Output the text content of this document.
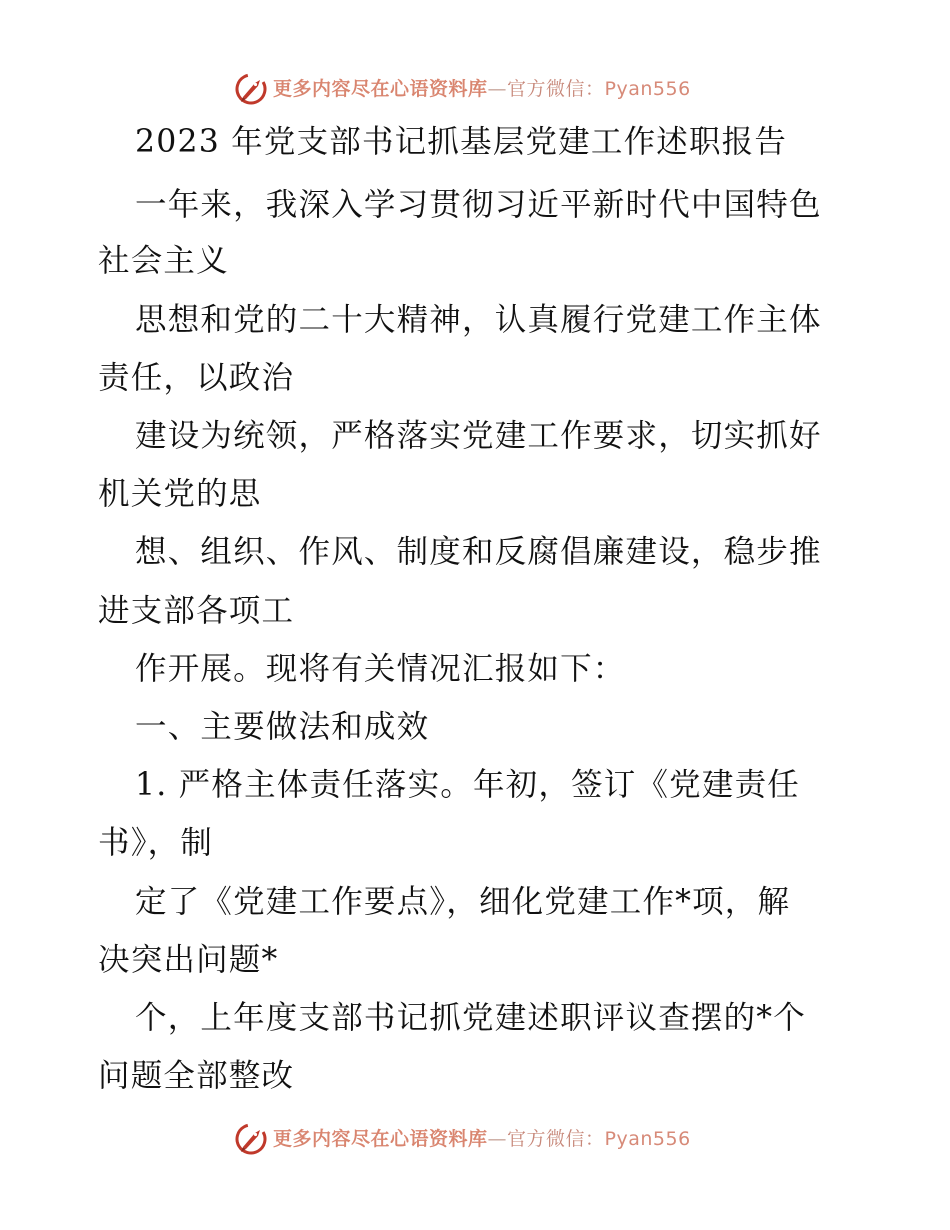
更多内容尽在心语资料库—官方微信：Pyan556
2023 年党支部书记抓基层党建工作述职报告
一年来，我深入学习贯彻习近平新时代中国特色
社会主义
思想和党的二十大精神，认真履行党建工作主体
责任，以政治
建设为统领，严格落实党建工作要求，切实抓好
机关党的思
想、组织、作风、制度和反腐倡廉建设，稳步推
进支部各项工
作开展。现将有关情况汇报如下：
一、主要做法和成效
1. 严格主体责任落实。年初，签订《党建责任
书》，制
定了《党建工作要点》，细化党建工作*项，解
决突出问题*
个，上年度支部书记抓党建述职评议查摆的*个
问题全部整改
更多内容尽在心语资料库—官方微信：Pyan556
